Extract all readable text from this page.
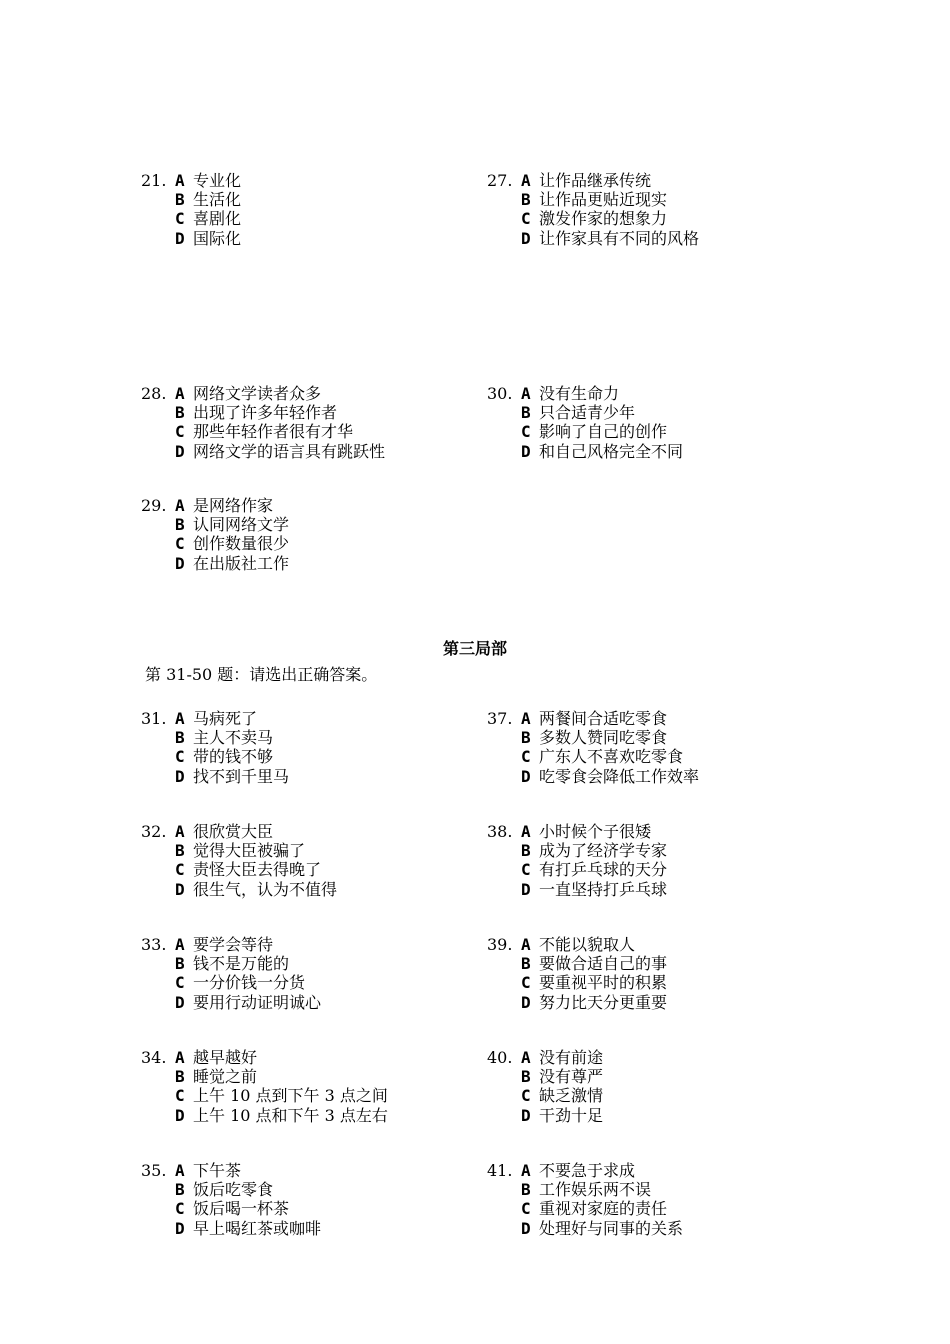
21. A 专业化
B 生活化
C 喜剧化
D 国际化
27. A 让作品继承传统
B 让作品更贴近现实
C 激发作家的想象力
D 让作家具有不同的风格
28. A 网络文学读者众多
B 出现了许多年轻作者
C 那些年轻作者很有才华
D 网络文学的语言具有跳跃性
30. A 没有生命力
B 只合适青少年
C 影响了自己的创作
D 和自己风格完全不同
29. A 是网络作家
B 认同网络文学
C 创作数量很少
D 在出版社工作
第三局部
第 31-50 题：请选出正确答案。
31. A 马病死了
B 主人不卖马
C 带的钱不够
D 找不到千里马
37. A 两餐间合适吃零食
B 多数人赞同吃零食
C 广东人不喜欢吃零食
D 吃零食会降低工作效率
32. A 很欣赏大臣
B 觉得大臣被骗了
C 责怪大臣去得晚了
D 很生气，认为不值得
38. A 小时候个子很矮
B 成为了经济学专家
C 有打乒乓球的天分
D 一直坚持打乒乓球
33. A 要学会等待
B 钱不是万能的
C 一分价钱一分货
D 要用行动证明诚心
39. A 不能以貌取人
B 要做合适自己的事
C 要重视平时的积累
D 努力比天分更重要
34. A 越早越好
B 睡觉之前
C 上午 10 点到下午 3 点之间
D 上午 10 点和下午 3 点左右
40. A 没有前途
B 没有尊严
C 缺乏激情
D 干劲十足
35. A 下午茶
B 饭后吃零食
C 饭后喝一杯茶
D 早上喝红茶或咖啡
41. A 不要急于求成
B 工作娱乐两不误
C 重视对家庭的责任
D 处理好与同事的关系
